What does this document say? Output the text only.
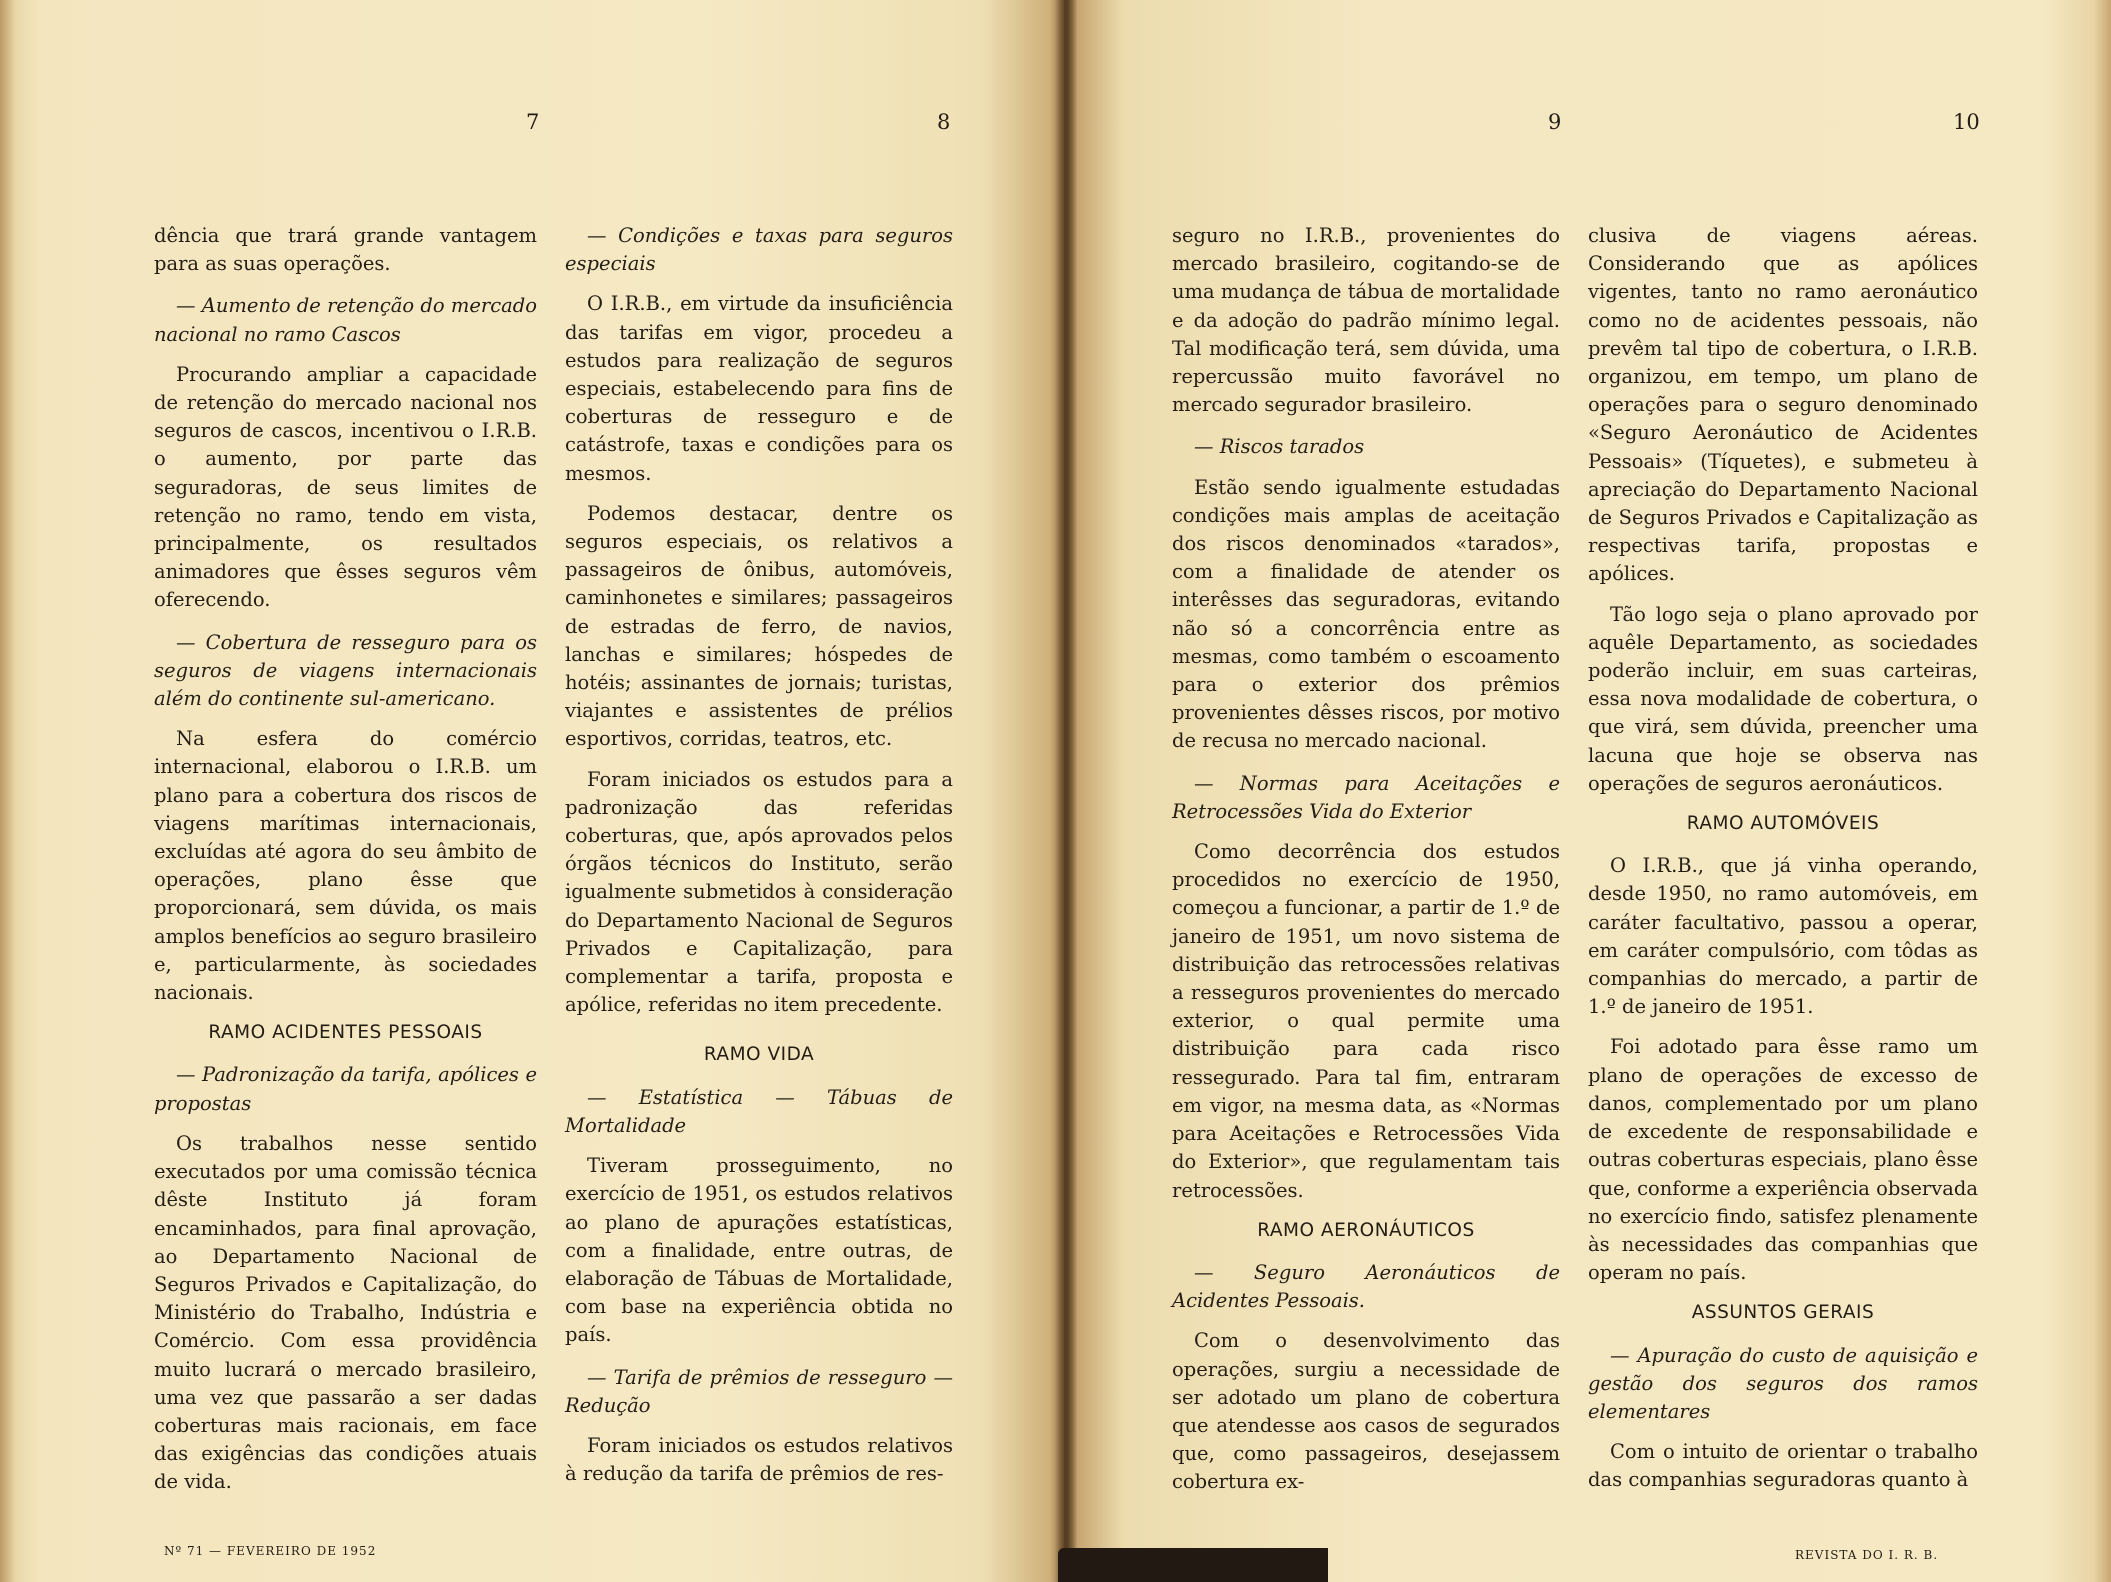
7	8	9	10

dência que trará grande vantagem para as suas operações.

— Aumento de retenção do mercado nacional no ramo Cascos

Procurando ampliar a capacidade de retenção do mercado nacional nos seguros de cascos, incentivou o I.R.B. o aumento, por parte das seguradoras, de seus limites de retenção no ramo, tendo em vista, principalmente, os resultados animadores que êsses seguros vêm oferecendo.

— Cobertura de resseguro para os seguros de viagens internacionais além do continente sul-americano.

Na esfera do comércio internacional, elaborou o I.R.B. um plano para a cobertura dos riscos de viagens marítimas internacionais, excluídas até agora do seu âmbito de operações, plano êsse que proporcionará, sem dúvida, os mais amplos benefícios ao seguro brasileiro e, particularmente, às sociedades nacionais.

RAMO ACIDENTES PESSOAIS

— Padronização da tarifa, apólices e propostas

Os trabalhos nesse sentido executados por uma comissão técnica dêste Instituto já foram encaminhados, para final aprovação, ao Departamento Nacional de Seguros Privados e Capitalização, do Ministério do Trabalho, Indústria e Comércio. Com essa providência muito lucrará o mercado brasileiro, uma vez que passarão a ser dadas coberturas mais racionais, em face das exigências das condições atuais de vida.

— Condições e taxas para seguros especiais

O I.R.B., em virtude da insuficiência das tarifas em vigor, procedeu a estudos para realização de seguros especiais, estabelecendo para fins de coberturas de resseguro e de catástrofe, taxas e condições para os mesmos.

Podemos destacar, dentre os seguros especiais, os relativos a passageiros de ônibus, automóveis, caminhonetes e similares; passageiros de estradas de ferro, de navios, lanchas e similares; hóspedes de hotéis; assinantes de jornais; turistas, viajantes e assistentes de prélios esportivos, corridas, teatros, etc.

Foram iniciados os estudos para a padronização das referidas coberturas, que, após aprovados pelos órgãos técnicos do Instituto, serão igualmente submetidos à consideração do Departamento Nacional de Seguros Privados e Capitalização, para complementar a tarifa, proposta e apólice, referidas no item precedente.

RAMO VIDA

— Estatística — Tábuas de Mortalidade

Tiveram prosseguimento, no exercício de 1951, os estudos relativos ao plano de apurações estatísticas, com a finalidade, entre outras, de elaboração de Tábuas de Mortalidade, com base na experiência obtida no país.

— Tarifa de prêmios de resseguro — Redução

Foram iniciados os estudos relativos à redução da tarifa de prêmios de res-

seguro no I.R.B., provenientes do mercado brasileiro, cogitando-se de uma mudança de tábua de mortalidade e da adoção do padrão mínimo legal. Tal modificação terá, sem dúvida, uma repercussão muito favorável no mercado segurador brasileiro.

— Riscos tarados

Estão sendo igualmente estudadas condições mais amplas de aceitação dos riscos denominados «tarados», com a finalidade de atender os interêsses das seguradoras, evitando não só a concorrência entre as mesmas, como também o escoamento para o exterior dos prêmios provenientes dêsses riscos, por motivo de recusa no mercado nacional.

— Normas para Aceitações e Retrocessões Vida do Exterior

Como decorrência dos estudos procedidos no exercício de 1950, começou a funcionar, a partir de 1.º de janeiro de 1951, um novo sistema de distribuição das retrocessões relativas a resseguros provenientes do mercado exterior, o qual permite uma distribuição para cada risco ressegurado. Para tal fim, entraram em vigor, na mesma data, as «Normas para Aceitações e Retrocessões Vida do Exterior», que regulamentam tais retrocessões.

RAMO AERONÁUTICOS

— Seguro Aeronáuticos de Acidentes Pessoais.

Com o desenvolvimento das operações, surgiu a necessidade de ser adotado um plano de cobertura que atendesse aos casos de segurados que, como passageiros, desejassem cobertura ex-

clusiva de viagens aéreas. Considerando que as apólices vigentes, tanto no ramo aeronáutico como no de acidentes pessoais, não prevêm tal tipo de cobertura, o I.R.B. organizou, em tempo, um plano de operações para o seguro denominado «Seguro Aeronáutico de Acidentes Pessoais» (Tíquetes), e submeteu à apreciação do Departamento Nacional de Seguros Privados e Capitalização as respectivas tarifa, propostas e apólices.

Tão logo seja o plano aprovado por aquêle Departamento, as sociedades poderão incluir, em suas carteiras, essa nova modalidade de cobertura, o que virá, sem dúvida, preencher uma lacuna que hoje se observa nas operações de seguros aeronáuticos.

RAMO AUTOMÓVEIS

O I.R.B., que já vinha operando, desde 1950, no ramo automóveis, em caráter facultativo, passou a operar, em caráter compulsório, com tôdas as companhias do mercado, a partir de 1.º de janeiro de 1951.

Foi adotado para êsse ramo um plano de operações de excesso de danos, complementado por um plano de excedente de responsabilidade e outras coberturas especiais, plano êsse que, conforme a experiência observada no exercício findo, satisfez plenamente às necessidades das companhias que operam no país.

ASSUNTOS GERAIS

— Apuração do custo de aquisição e gestão dos seguros dos ramos elementares

Com o intuito de orientar o trabalho das companhias seguradoras quanto à

Nº 71 — FEVEREIRO DE 1952	REVISTA DO I. R. B.
